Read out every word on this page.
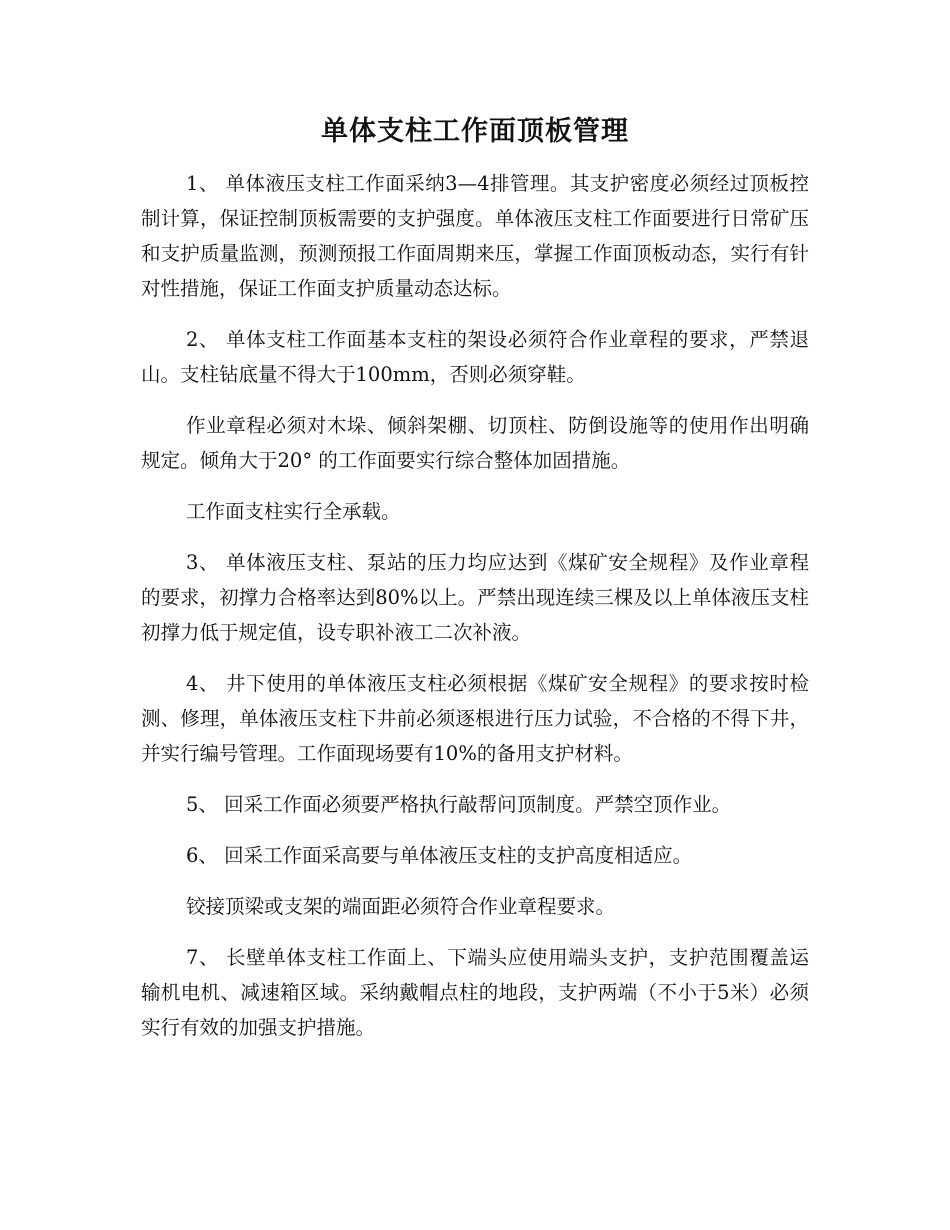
单体支柱工作面顶板管理

1、 单体液压支柱工作面采纳3—4排管理。其支护密度必须经过顶板控制计算，保证控制顶板需要的支护强度。单体液压支柱工作面要进行日常矿压和支护质量监测，预测预报工作面周期来压，掌握工作面顶板动态，实行有针对性措施，保证工作面支护质量动态达标。

2、 单体支柱工作面基本支柱的架设必须符合作业章程的要求，严禁退山。支柱钻底量不得大于100mm，否则必须穿鞋。

作业章程必须对木垛、倾斜架棚、切顶柱、防倒设施等的使用作出明确规定。倾角大于20° 的工作面要实行综合整体加固措施。

工作面支柱实行全承载。

3、 单体液压支柱、泵站的压力均应达到《煤矿安全规程》及作业章程的要求，初撑力合格率达到80%以上。严禁出现连续三棵及以上单体液压支柱初撑力低于规定值，设专职补液工二次补液。

4、 井下使用的单体液压支柱必须根据《煤矿安全规程》的要求按时检测、修理，单体液压支柱下井前必须逐根进行压力试验，不合格的不得下井，并实行编号管理。工作面现场要有10%的备用支护材料。

5、 回采工作面必须要严格执行敲帮问顶制度。严禁空顶作业。

6、 回采工作面采高要与单体液压支柱的支护高度相适应。

铰接顶梁或支架的端面距必须符合作业章程要求。

7、 长壁单体支柱工作面上、下端头应使用端头支护，支护范围覆盖运输机电机、减速箱区域。采纳戴帽点柱的地段，支护两端（不小于5米）必须实行有效的加强支护措施。
